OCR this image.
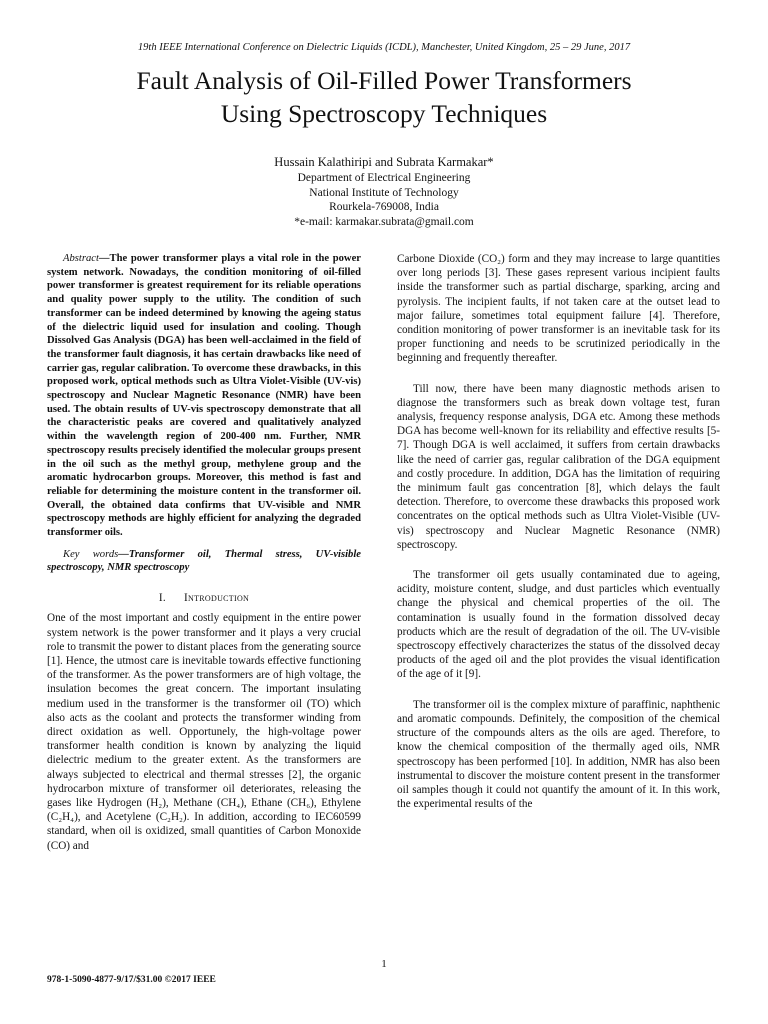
19th IEEE International Conference on Dielectric Liquids (ICDL), Manchester, United Kingdom, 25 – 29 June, 2017
Fault Analysis of Oil-Filled Power Transformers
Using Spectroscopy Techniques
Hussain Kalathiripi and Subrata Karmakar*
Department of Electrical Engineering
National Institute of Technology
Rourkela-769008, India
*e-mail: karmakar.subrata@gmail.com

Abstract—The power transformer plays a vital role in the power system network. Nowadays, the condition monitoring of oil-filled power transformer is greatest requirement for its reliable operations and quality power supply to the utility. The condition of such transformer can be indeed determined by knowing the ageing status of the dielectric liquid used for insulation and cooling. Though Dissolved Gas Analysis (DGA) has been well-acclaimed in the field of the transformer fault diagnosis, it has certain drawbacks like need of carrier gas, regular calibration. To overcome these drawbacks, in this proposed work, optical methods such as Ultra Violet-Visible (UV-vis) spectroscopy and Nuclear Magnetic Resonance (NMR) have been used. The obtain results of UV-vis spectroscopy demonstrate that all the characteristic peaks are covered and qualitatively analyzed within the wavelength region of 200-400 nm. Further, NMR spectroscopy results precisely identified the molecular groups present in the oil such as the methyl group, methylene group and the aromatic hydrocarbon groups. Moreover, this method is fast and reliable for determining the moisture content in the transformer oil. Overall, the obtained data confirms that UV-visible and NMR spectroscopy methods are highly efficient for analyzing the degraded transformer oils.

Key words—Transformer oil, Thermal stress, UV-visible spectroscopy, NMR spectroscopy

I. Introduction

One of the most important and costly equipment in the entire power system network is the power transformer and it plays a very crucial role to transmit the power to distant places from the generating source [1]. Hence, the utmost care is inevitable towards effective functioning of the transformer. As the power transformers are of high voltage, the insulation becomes the great concern. The important insulating medium used in the transformer is the transformer oil (TO) which also acts as the coolant and protects the transformer winding from direct oxidation as well. Opportunely, the high-voltage power transformer health condition is known by analyzing the liquid dielectric medium to the greater extent. As the transformers are always subjected to electrical and thermal stresses [2], the organic hydrocarbon mixture of transformer oil deteriorates, releasing the gases like Hydrogen (H₂), Methane (CH₄), Ethane (CH₆), Ethylene (C₂H₄), and Acetylene (C₂H₂). In addition, according to IEC60599 standard, when oil is oxidized, small quantities of Carbon Monoxide (CO) and

Carbone Dioxide (CO₂) form and they may increase to large quantities over long periods [3]. These gases represent various incipient faults inside the transformer such as partial discharge, sparking, arcing and pyrolysis. The incipient faults, if not taken care at the outset lead to major failure, sometimes total equipment failure [4]. Therefore, condition monitoring of power transformer is an inevitable task for its proper functioning and needs to be scrutinized periodically in the beginning and frequently thereafter.

Till now, there have been many diagnostic methods arisen to diagnose the transformers such as break down voltage test, furan analysis, frequency response analysis, DGA etc. Among these methods DGA has become well-known for its reliability and effective results [5-7]. Though DGA is well acclaimed, it suffers from certain drawbacks like the need of carrier gas, regular calibration of the DGA equipment and costly procedure. In addition, DGA has the limitation of requiring the minimum fault gas concentration [8], which delays the fault detection. Therefore, to overcome these drawbacks this proposed work concentrates on the optical methods such as Ultra Violet-Visible (UV-vis) spectroscopy and Nuclear Magnetic Resonance (NMR) spectroscopy.

The transformer oil gets usually contaminated due to ageing, acidity, moisture content, sludge, and dust particles which eventually change the physical and chemical properties of the oil. The contamination is usually found in the formation dissolved decay products which are the result of degradation of the oil. The UV-visible spectroscopy effectively characterizes the status of the dissolved decay products of the aged oil and the plot provides the visual identification of the age of it [9].

The transformer oil is the complex mixture of paraffinic, naphthenic and aromatic compounds. Definitely, the composition of the chemical structure of the compounds alters as the oils are aged. Therefore, to know the chemical composition of the thermally aged oils, NMR spectroscopy has been performed [10]. In addition, NMR has also been instrumental to discover the moisture content present in the transformer oil samples though it could not quantify the amount of it. In this work, the experimental results of the

1
978-1-5090-4877-9/17/$31.00 ©2017 IEEE
